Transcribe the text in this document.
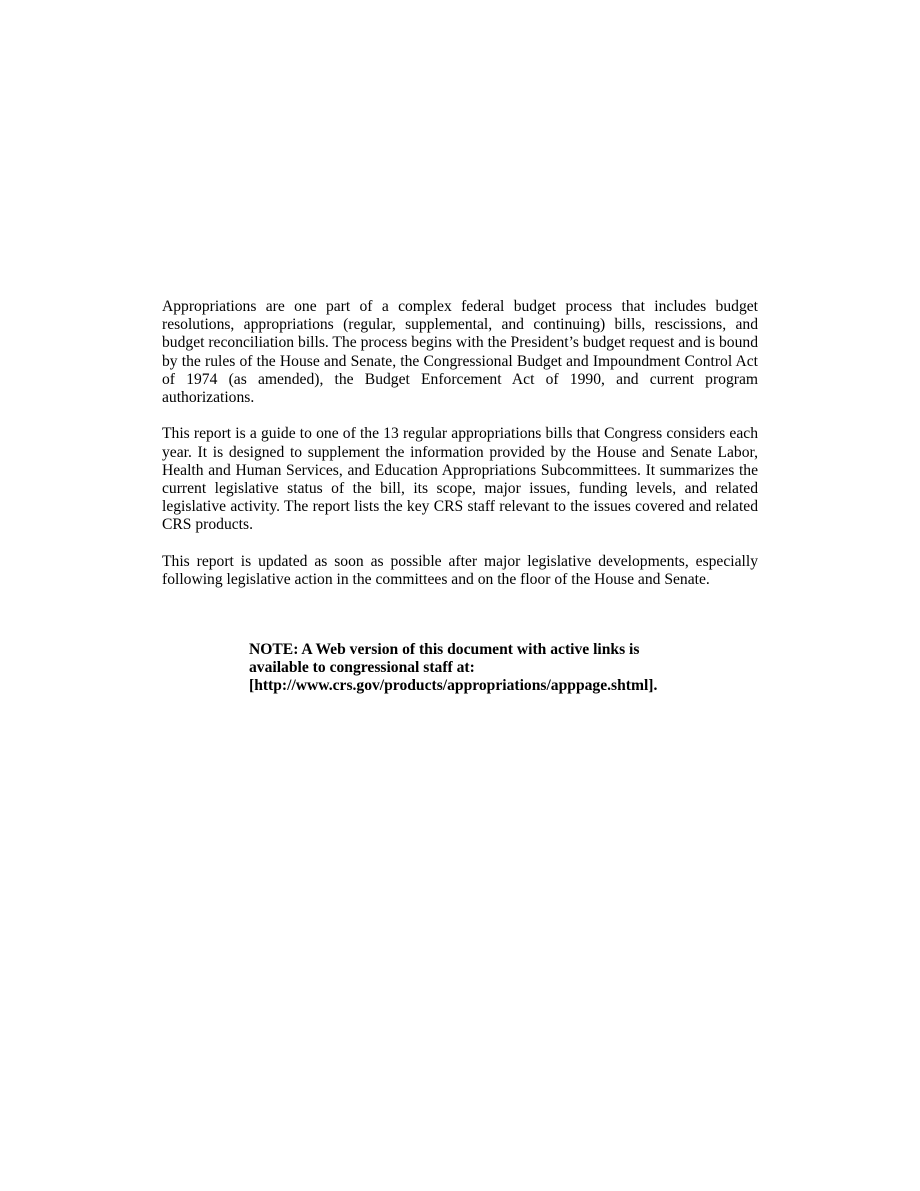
Appropriations are one part of a complex federal budget process that includes budget resolutions, appropriations (regular, supplemental, and continuing) bills, rescissions, and budget reconciliation bills. The process begins with the President’s budget request and is bound by the rules of the House and Senate, the Congressional Budget and Impoundment Control Act of 1974 (as amended), the Budget Enforcement Act of 1990, and current program authorizations.

This report is a guide to one of the 13 regular appropriations bills that Congress considers each year. It is designed to supplement the information provided by the House and Senate Labor, Health and Human Services, and Education Appropriations Subcommittees. It summarizes the current legislative status of the bill, its scope, major issues, funding levels, and related legislative activity. The report lists the key CRS staff relevant to the issues covered and related CRS products.

This report is updated as soon as possible after major legislative developments, especially following legislative action in the committees and on the floor of the House and Senate.

NOTE: A Web version of this document with active links is
available to congressional staff at:
[http://www.crs.gov/products/appropriations/apppage.shtml].
